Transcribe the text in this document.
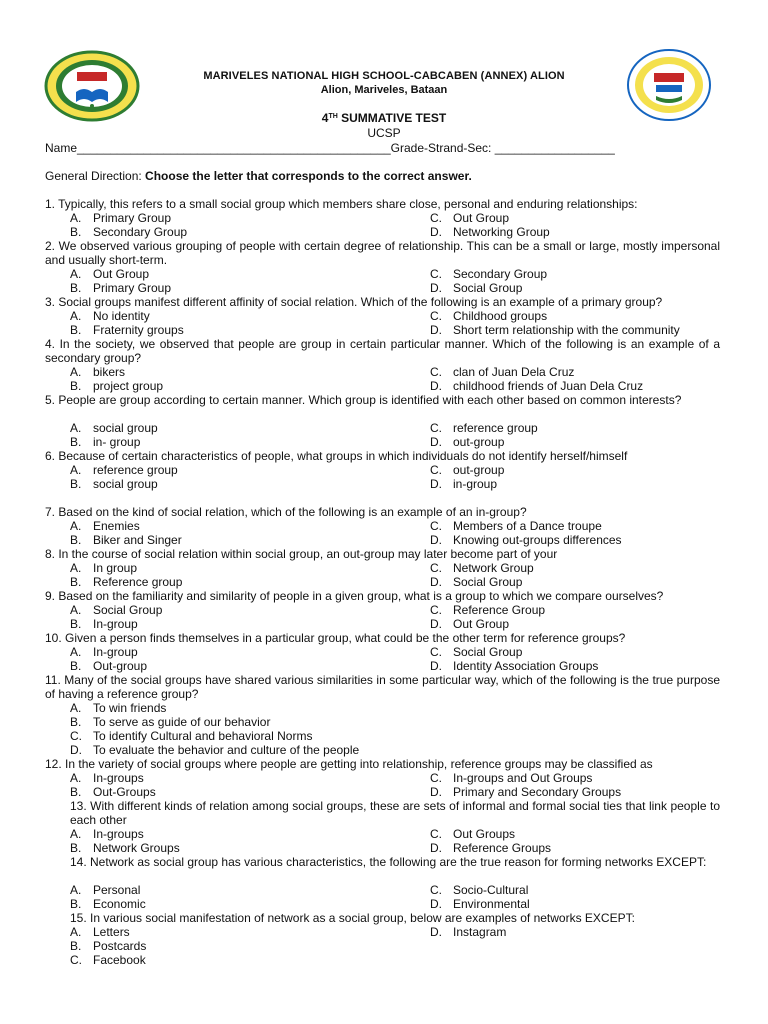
MARIVELES NATIONAL HIGH SCHOOL-CABCABEN (ANNEX) ALION
Alion, Mariveles, Bataan
4TH SUMMATIVE TEST
UCSP
Name_______________________________________________Grade-Strand-Sec: __________________
General Direction: Choose the letter that corresponds to the correct answer.
1. Typically, this refers to a small social group which members share close, personal and enduring relationships:
A. Primary Group	C. Out Group
B. Secondary Group	D. Networking Group
2. We observed various grouping of people with certain degree of relationship. This can be a small or large, mostly impersonal and usually short-term.
A. Out Group	C. Secondary Group
B. Primary Group	D. Social Group
3. Social groups manifest different affinity of social relation. Which of the following is an example of a primary group?
A. No identity	C. Childhood groups
B. Fraternity groups	D. Short term relationship with the community
4. In the society, we observed that people are group in certain particular manner. Which of the following is an example of a secondary group?
A. bikers	C. clan of Juan Dela Cruz
B. project group	D. childhood friends of Juan Dela Cruz
5. People are group according to certain manner. Which group is identified with each other based on common interests?
A. social group	C. reference group
B. in- group	D. out-group
6. Because of certain characteristics of people, what groups in which individuals do not identify herself/himself
A. reference group	C. out-group
B. social group	D. in-group
7. Based on the kind of social relation, which of the following is an example of an in-group?
A. Enemies	C. Members of a Dance troupe
B. Biker and Singer	D. Knowing out-groups differences
8. In the course of social relation within social group, an out-group may later become part of your
A. In group	C. Network Group
B. Reference group	D. Social Group
9. Based on the familiarity and similarity of people in a given group, what is a group to which we compare ourselves?
A. Social Group	C. Reference Group
B. In-group	D. Out Group
10. Given a person finds themselves in a particular group, what could be the other term for reference groups?
A. In-group	C. Social Group
B. Out-group	D. Identity Association Groups
11. Many of the social groups have shared various similarities in some particular way, which of the following is the true purpose of having a reference group?
A. To win friends
B. To serve as guide of our behavior
C. To identify Cultural and behavioral Norms
D. To evaluate the behavior and culture of the people
12. In the variety of social groups where people are getting into relationship, reference groups may be classified as
A. In-groups	C. In-groups and Out Groups
B. Out-Groups	D. Primary and Secondary Groups
13. With different kinds of relation among social groups, these are sets of informal and formal social ties that link people to each other
A. In-groups	C. Out Groups
B. Network Groups	D. Reference Groups
14. Network as social group has various characteristics, the following are the true reason for forming networks EXCEPT:
A. Personal	C. Socio-Cultural
B. Economic	D. Environmental
15. In various social manifestation of network as a social group, below are examples of networks EXCEPT:
A. Letters	D. Instagram
B. Postcards
C. Facebook
